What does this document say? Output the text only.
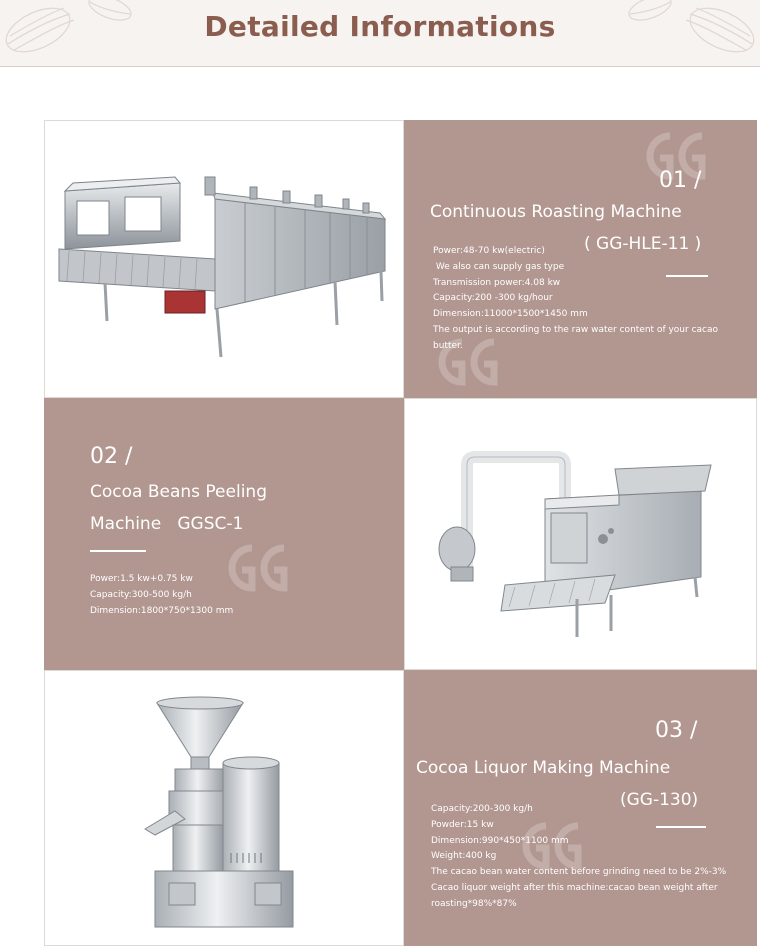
Detailed Informations
01 /
Continuous Roasting Machine
( GG-HLE-11 )
Power:48-70 kw(electric)
We also can supply gas type
Transmission power:4.08 kw
Capacity:200 -300 kg/hour
Dimension:11000*1500*1450 mm
The output is according to the raw water content of your cacao
butter.
02 /
Cocoa Beans Peeling
Machine   GGSC-1
Power:1.5 kw+0.75 kw
Capacity:300-500 kg/h
Dimension:1800*750*1300 mm
03 /
Cocoa Liquor Making Machine
(GG-130)
Capacity:200-300 kg/h
Powder:15 kw
Dimension:990*450*1100 mm
Weight:400 kg
The cacao bean water content before grinding need to be 2%-3%
Cacao liquor weight after this machine:cacao bean weight after
roasting*98%*87%
